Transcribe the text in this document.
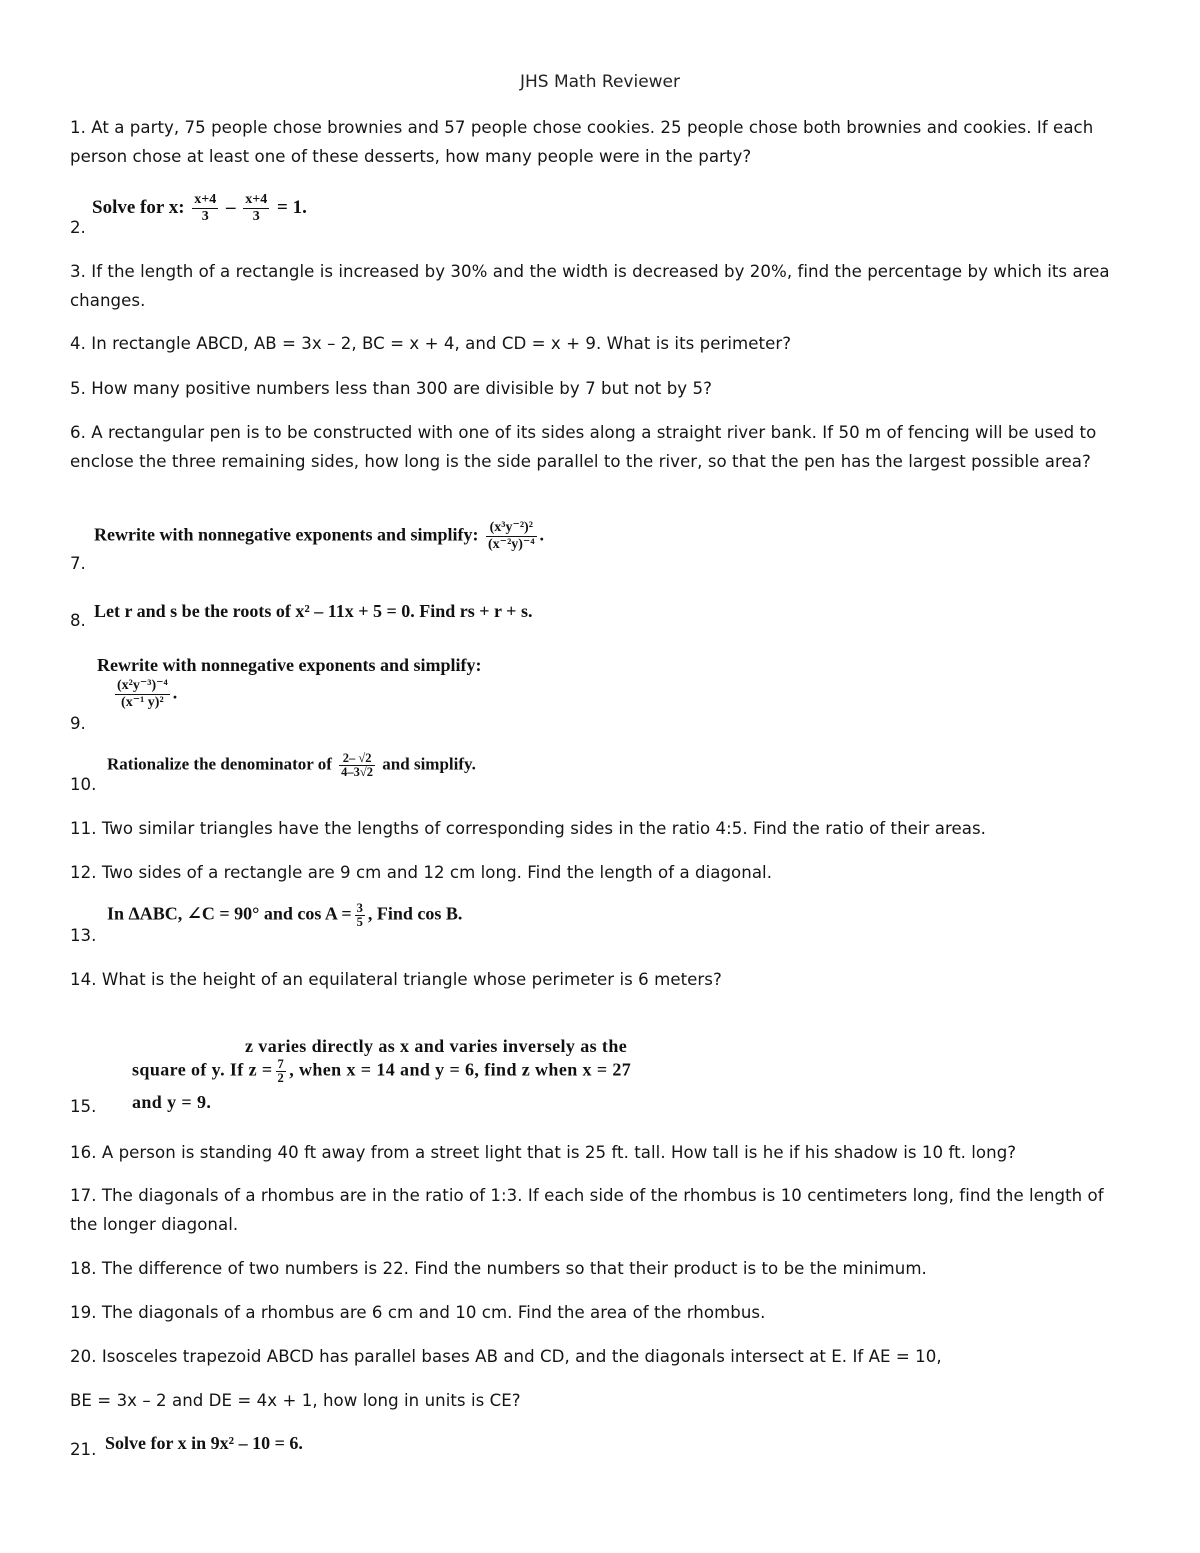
JHS Math Reviewer
1. At a party, 75 people chose brownies and 57 people chose cookies. 25 people chose both brownies and cookies. If each person chose at least one of these desserts, how many people were in the party?
Solve for x: $\frac{x+4}{3} - \frac{x+4}{3} = 1$.
2.
3. If the length of a rectangle is increased by 30% and the width is decreased by 20%, find the percentage by which its area changes.
4. In rectangle ABCD, AB = 3x – 2, BC = x + 4, and CD = x + 9. What is its perimeter?
5. How many positive numbers less than 300 are divisible by 7 but not by 5?
6. A rectangular pen is to be constructed with one of its sides along a straight river bank. If 50 m of fencing will be used to enclose the three remaining sides, how long is the side parallel to the river, so that the pen has the largest possible area?
Rewrite with nonnegative exponents and simplify: $\frac{\text{(x³y⁻²)²}}{\text{(x⁻²y)⁻⁴}}$ .
7.
Let r and s be the roots of x² – 11x + 5 = 0. Find rs + r + s.
8.
Rewrite with nonnegative exponents and simplify:
$\frac{\text{(x²y⁻³)⁻⁴}}{\text{(x⁻¹ y)²}}$ .
9.
Rationalize the denominator of $\frac{2- √2}{4-3√2}$ and simplify.
10.
11. Two similar triangles have the lengths of corresponding sides in the ratio 4:5. Find the ratio of their areas.
12. Two sides of a rectangle are 9 cm and 12 cm long. Find the length of a diagonal.
In ΔABC, ∠C = 90° and $\cos A = \frac{3}{5}$ , Find cos B.
13.
14. What is the height of an equilateral triangle whose perimeter is 6 meters?
z varies directly as x and varies inversely as the
square of y. If $z = \frac{7}{2}$ , when x = 14 and y = 6, find z when x = 27
and y = 9.
15.
16. A person is standing 40 ft away from a street light that is 25 ft. tall. How tall is he if his shadow is 10 ft. long?
17. The diagonals of a rhombus are in the ratio of 1:3. If each side of the rhombus is 10 centimeters long, find the length of the longer diagonal.
18. The difference of two numbers is 22. Find the numbers so that their product is to be the minimum.
19. The diagonals of a rhombus are 6 cm and 10 cm. Find the area of the rhombus.
20. Isosceles trapezoid ABCD has parallel bases AB and CD, and the diagonals intersect at E. If AE = 10,
BE = 3x – 2 and DE = 4x + 1, how long in units is CE?
Solve for x in 9x² – 10 = 6.
21.
